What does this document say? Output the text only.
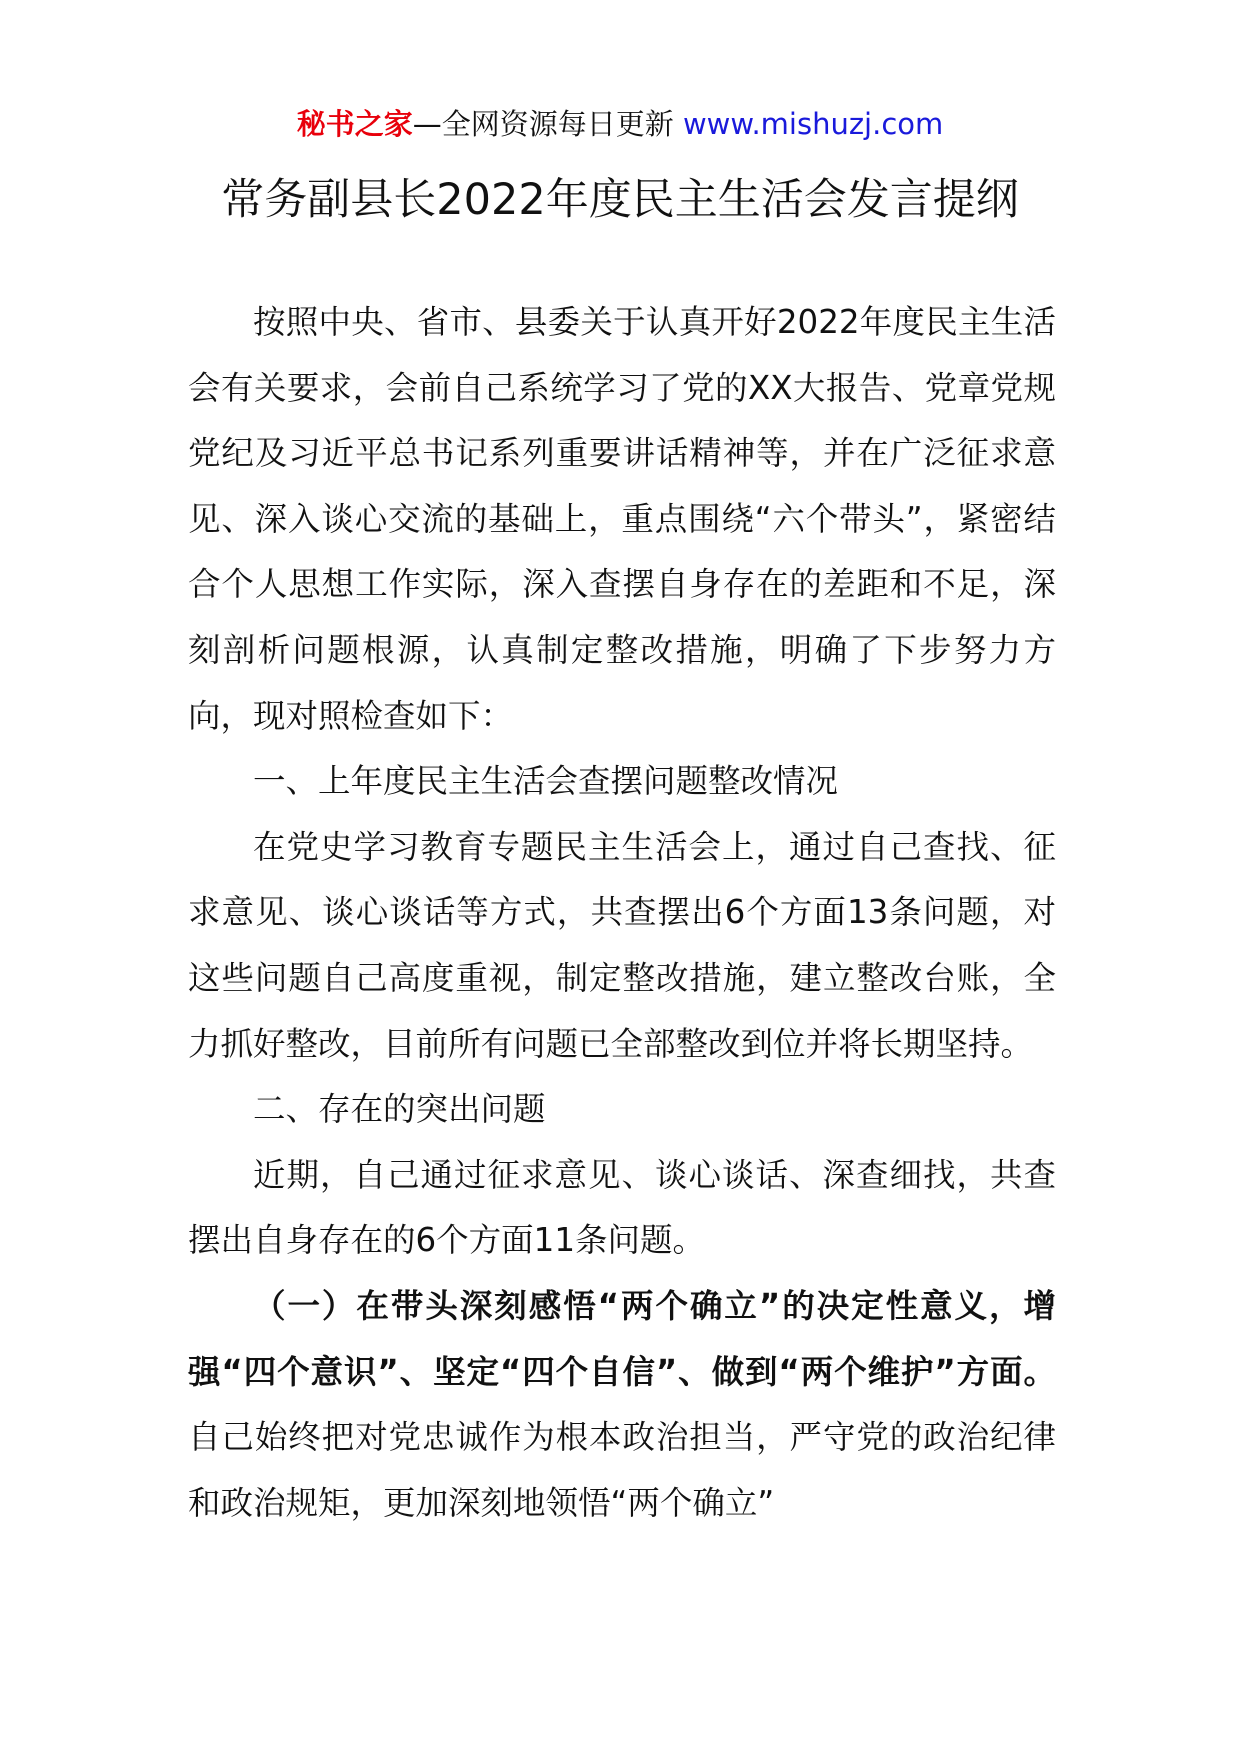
秘书之家—全网资源每日更新 www.mishuzj.com
常务副县长2022年度民主生活会发言提纲

按照中央、省市、县委关于认真开好2022年度民主生活会有关要求，会前自己系统学习了党的XX大报告、党章党规党纪及习近平总书记系列重要讲话精神等，并在广泛征求意见、深入谈心交流的基础上，重点围绕“六个带头”，紧密结合个人思想工作实际，深入查摆自身存在的差距和不足，深刻剖析问题根源，认真制定整改措施，明确了下步努力方向，现对照检查如下：

一、上年度民主生活会查摆问题整改情况

在党史学习教育专题民主生活会上，通过自己查找、征求意见、谈心谈话等方式，共查摆出6个方面13条问题，对这些问题自己高度重视，制定整改措施，建立整改台账，全力抓好整改，目前所有问题已全部整改到位并将长期坚持。

二、存在的突出问题

近期，自己通过征求意见、谈心谈话、深查细找，共查摆出自身存在的6个方面11条问题。

（一）在带头深刻感悟“两个确立”的决定性意义，增强“四个意识”、坚定“四个自信”、做到“两个维护”方面。自己始终把对党忠诚作为根本政治担当，严守党的政治纪律和政治规矩，更加深刻地领悟“两个确立”
